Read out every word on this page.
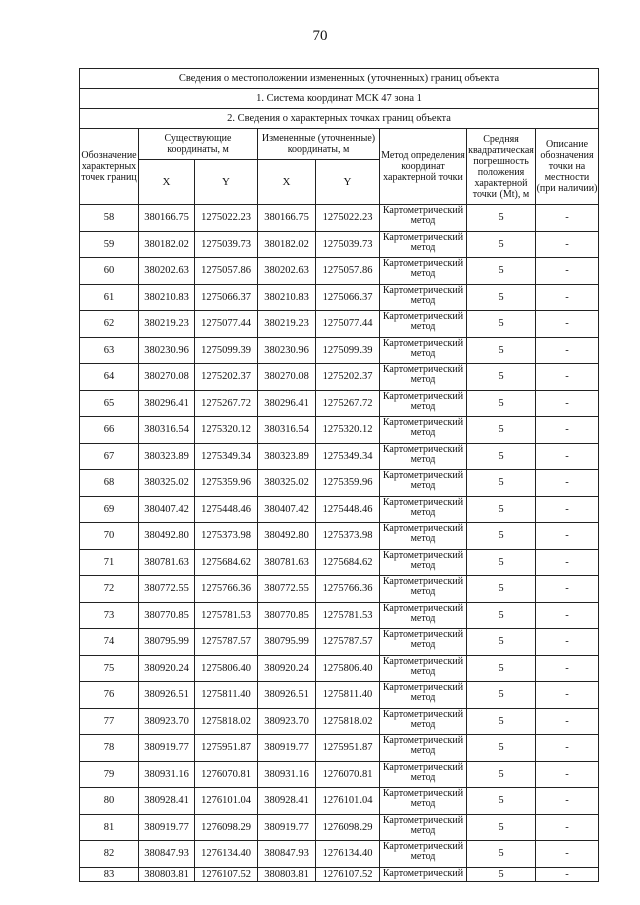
70
Сведения о местоположении измененных (уточненных) границ объекта							
1. Система координат МСК 47 зона 1							
2. Сведения о характерных точках границ объекта							
Обозначение характерных точек границ	Существующие координаты, м		Измененные (уточненные) координаты, м		Метод определения координат характерной точки	Средняя квадратическая погрешность положения характерной точки (Мt), м	Описание обозначения точки на местности (при наличии)
	X	Y	X	Y			
58	380166.75	1275022.23	380166.75	1275022.23	Картометрический метод	5	-
59	380182.02	1275039.73	380182.02	1275039.73	Картометрический метод	5	-
60	380202.63	1275057.86	380202.63	1275057.86	Картометрический метод	5	-
61	380210.83	1275066.37	380210.83	1275066.37	Картометрический метод	5	-
62	380219.23	1275077.44	380219.23	1275077.44	Картометрический метод	5	-
63	380230.96	1275099.39	380230.96	1275099.39	Картометрический метод	5	-
64	380270.08	1275202.37	380270.08	1275202.37	Картометрический метод	5	-
65	380296.41	1275267.72	380296.41	1275267.72	Картометрический метод	5	-
66	380316.54	1275320.12	380316.54	1275320.12	Картометрический метод	5	-
67	380323.89	1275349.34	380323.89	1275349.34	Картометрический метод	5	-
68	380325.02	1275359.96	380325.02	1275359.96	Картометрический метод	5	-
69	380407.42	1275448.46	380407.42	1275448.46	Картометрический метод	5	-
70	380492.80	1275373.98	380492.80	1275373.98	Картометрический метод	5	-
71	380781.63	1275684.62	380781.63	1275684.62	Картометрический метод	5	-
72	380772.55	1275766.36	380772.55	1275766.36	Картометрический метод	5	-
73	380770.85	1275781.53	380770.85	1275781.53	Картометрический метод	5	-
74	380795.99	1275787.57	380795.99	1275787.57	Картометрический метод	5	-
75	380920.24	1275806.40	380920.24	1275806.40	Картометрический метод	5	-
76	380926.51	1275811.40	380926.51	1275811.40	Картометрический метод	5	-
77	380923.70	1275818.02	380923.70	1275818.02	Картометрический метод	5	-
78	380919.77	1275951.87	380919.77	1275951.87	Картометрический метод	5	-
79	380931.16	1276070.81	380931.16	1276070.81	Картометрический метод	5	-
80	380928.41	1276101.04	380928.41	1276101.04	Картометрический метод	5	-
81	380919.77	1276098.29	380919.77	1276098.29	Картометрический метод	5	-
82	380847.93	1276134.40	380847.93	1276134.40	Картометрический метод	5	-
83	380803.81	1276107.52	380803.81	1276107.52	Картометрический	5	-
